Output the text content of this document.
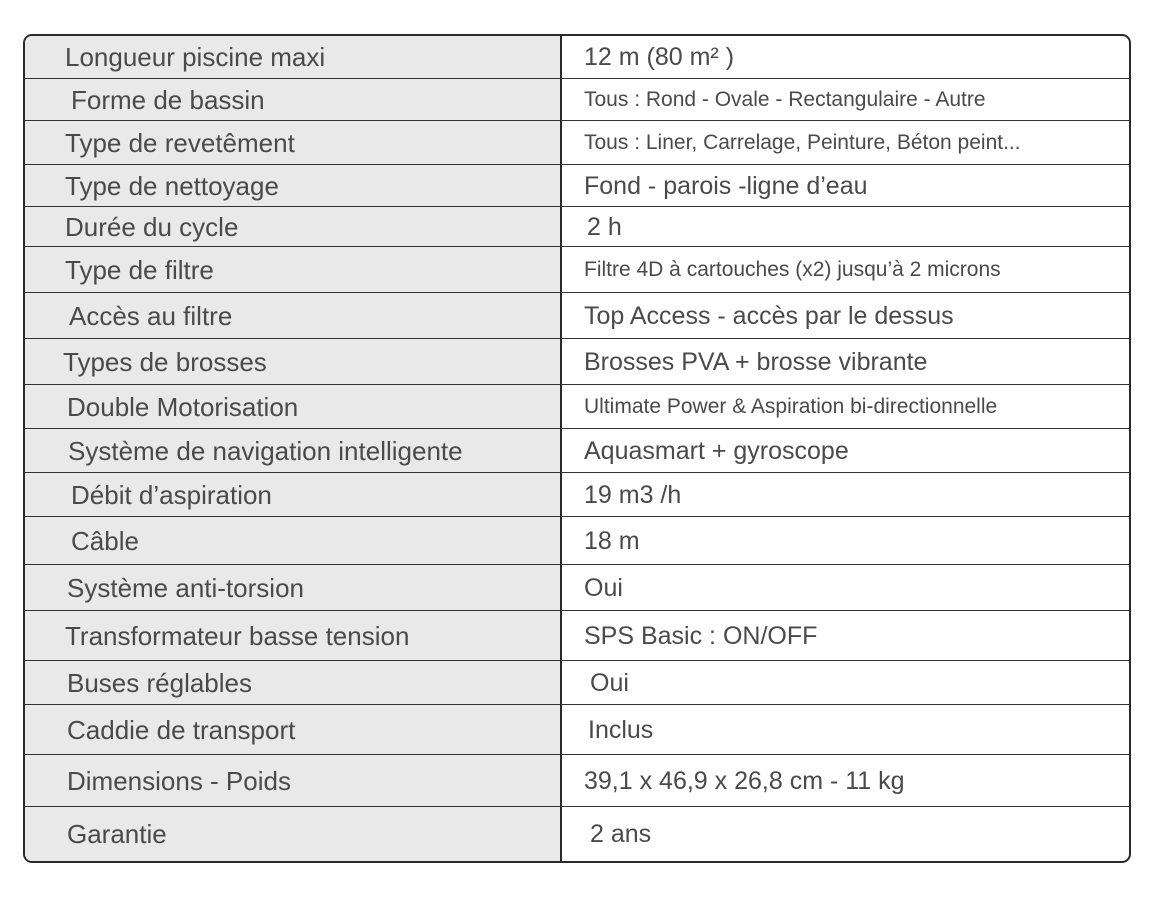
Longueur piscine maxi	12 m (80 m² )
Forme de bassin	Tous : Rond - Ovale - Rectangulaire - Autre
Type de revetêment	Tous : Liner, Carrelage, Peinture, Béton peint...
Type de nettoyage	Fond - parois -ligne d’eau
Durée du cycle	2 h
Type de filtre	Filtre 4D à cartouches (x2) jusqu’à 2 microns
Accès au filtre	Top Access - accès par le dessus
Types de brosses	Brosses PVA + brosse vibrante
Double Motorisation	Ultimate Power & Aspiration bi-directionnelle
Système de navigation intelligente	Aquasmart + gyroscope
Débit d’aspiration	19 m3 /h
Câble	18 m
Système anti-torsion	Oui
Transformateur basse tension	SPS Basic : ON/OFF
Buses réglables	Oui
Caddie de transport	Inclus
Dimensions - Poids	39,1 x 46,9 x 26,8 cm - 11 kg
Garantie	2 ans
